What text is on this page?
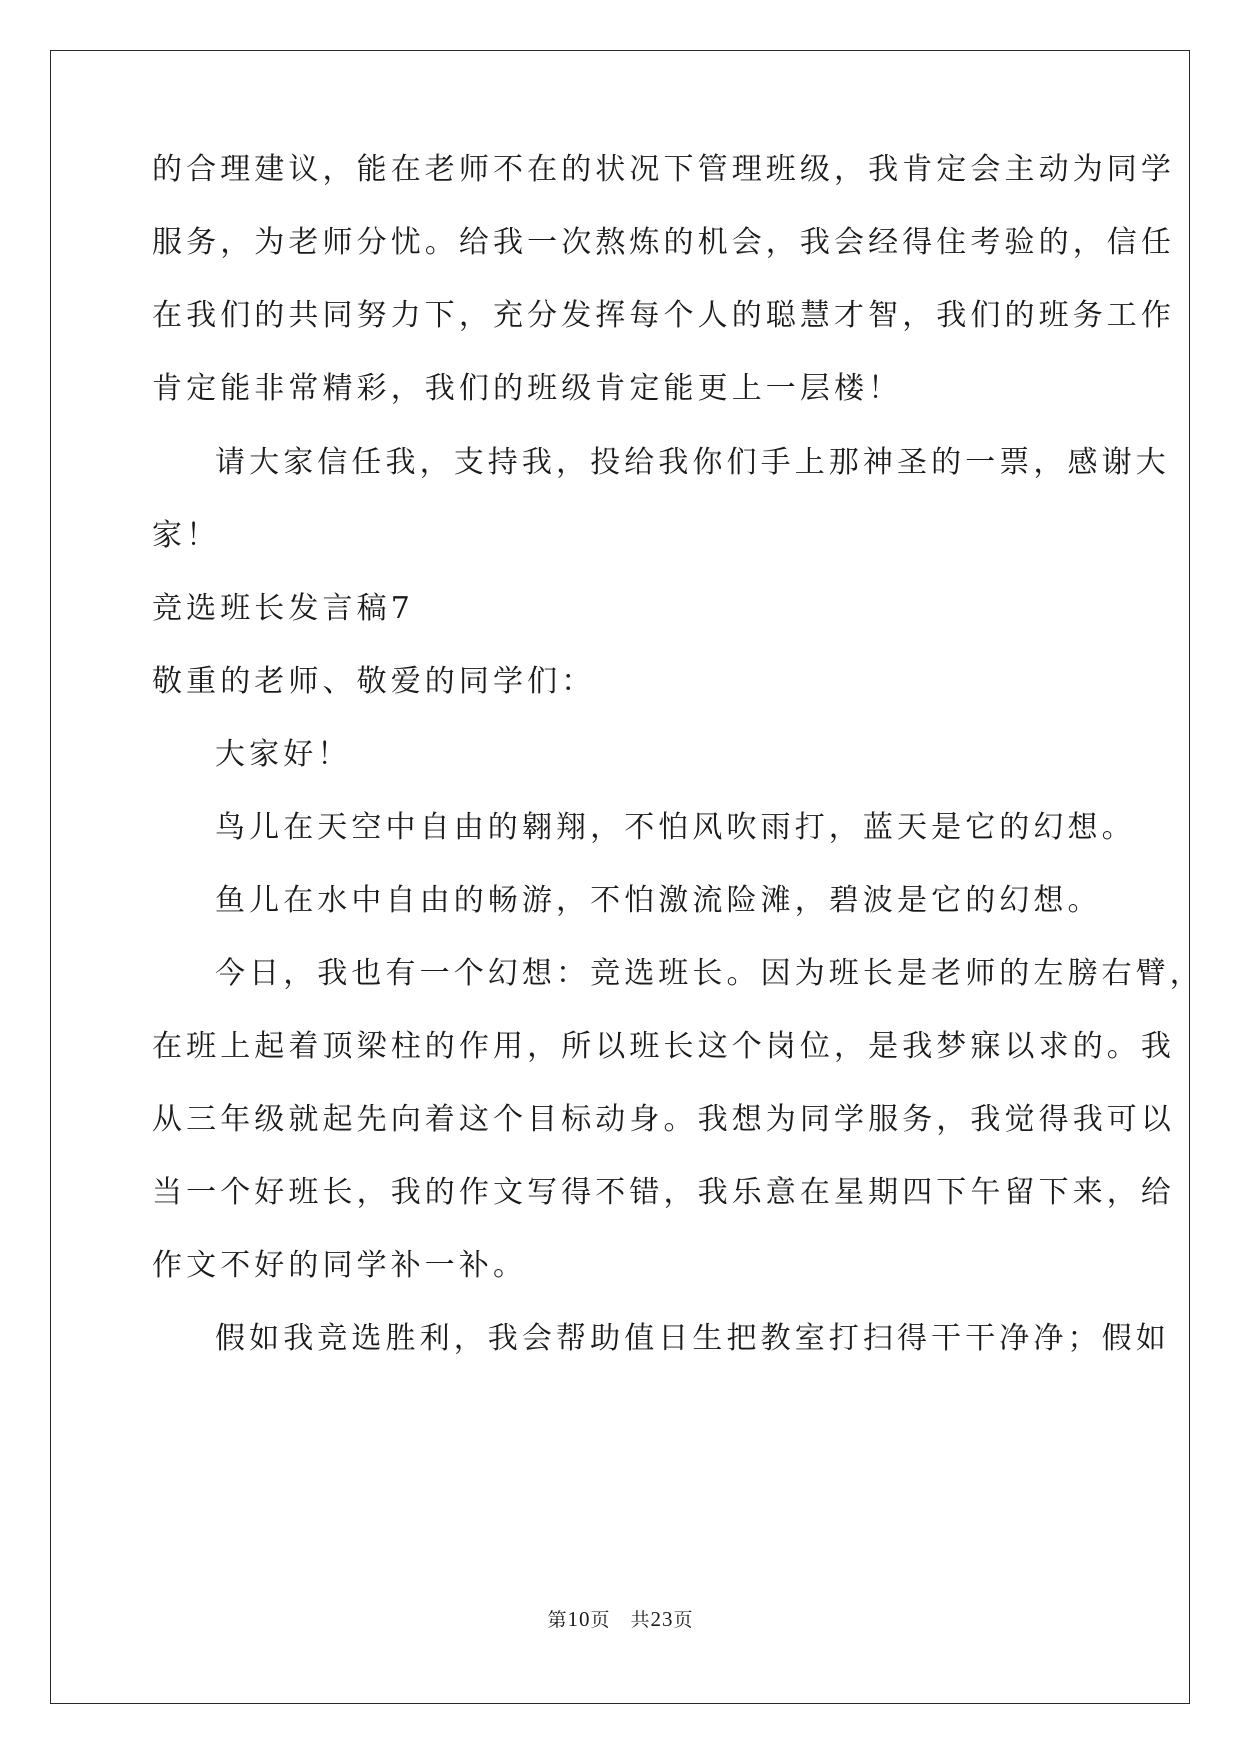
的合理建议，能在老师不在的状况下管理班级，我肯定会主动为同学
服务，为老师分忧。给我一次熬炼的机会，我会经得住考验的，信任
在我们的共同努力下，充分发挥每个人的聪慧才智，我们的班务工作
肯定能非常精彩，我们的班级肯定能更上一层楼！
请大家信任我，支持我，投给我你们手上那神圣的一票，感谢大
家！
竞选班长发言稿7
敬重的老师、敬爱的同学们：
大家好！
鸟儿在天空中自由的翱翔，不怕风吹雨打，蓝天是它的幻想。
鱼儿在水中自由的畅游，不怕激流险滩，碧波是它的幻想。
今日，我也有一个幻想：竞选班长。因为班长是老师的左膀右臂，
在班上起着顶梁柱的作用，所以班长这个岗位，是我梦寐以求的。我
从三年级就起先向着这个目标动身。我想为同学服务，我觉得我可以
当一个好班长，我的作文写得不错，我乐意在星期四下午留下来，给
作文不好的同学补一补。
假如我竞选胜利，我会帮助值日生把教室打扫得干干净净；假如
第10页　共23页
